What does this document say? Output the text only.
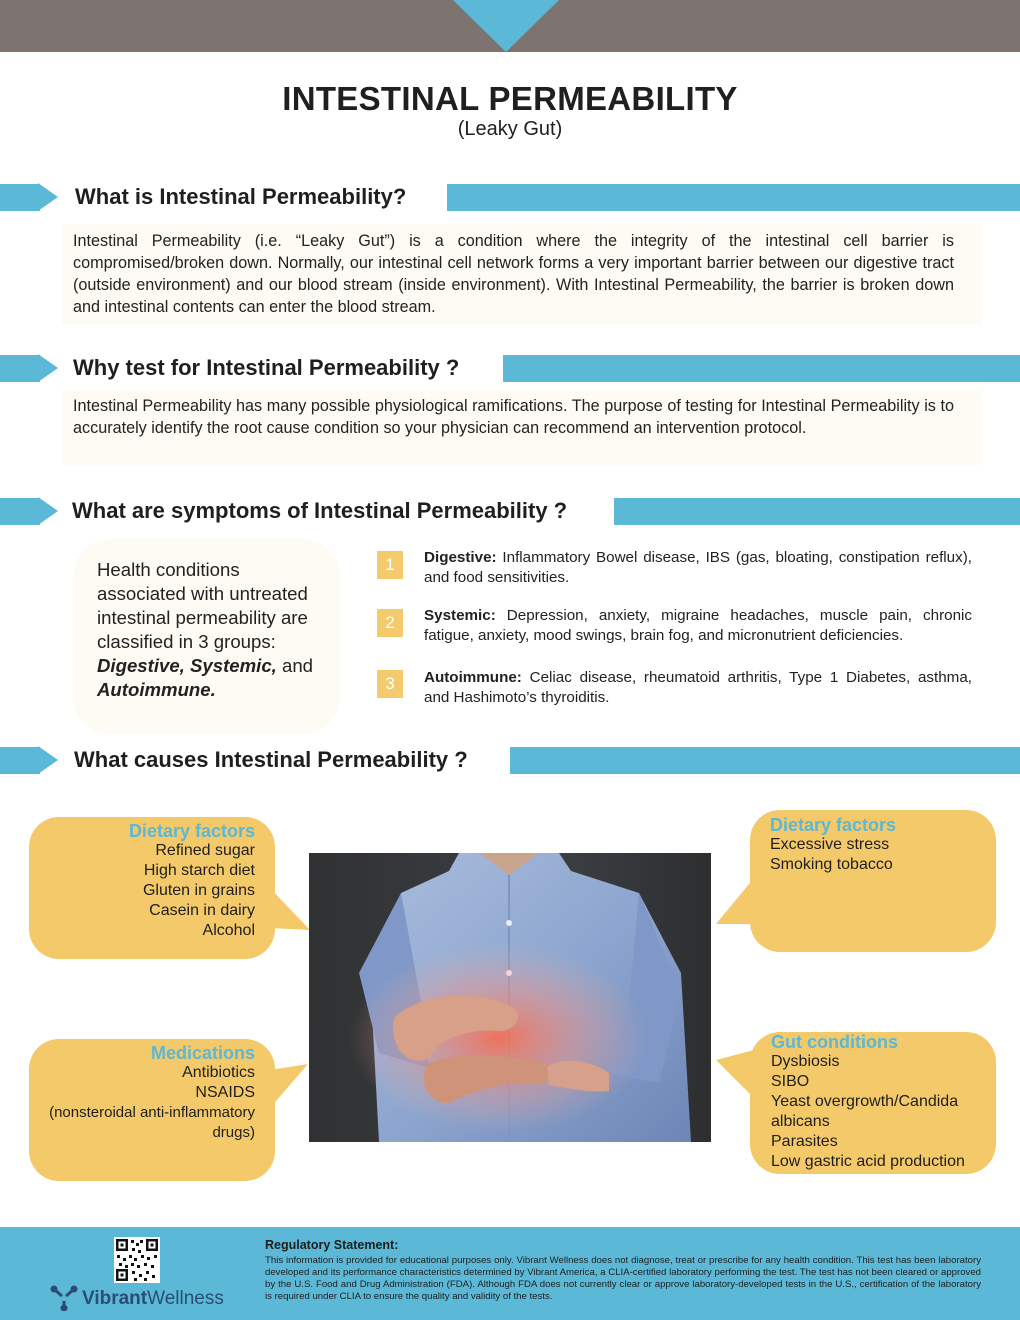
INTESTINAL PERMEABILITY
(Leaky Gut)
What is Intestinal Permeability?

Intestinal Permeability (i.e. “Leaky Gut”) is a condition where the integrity of the intestinal cell barrier is compromised/broken down. Normally, our intestinal cell network forms a very important barrier between our digestive tract (outside environment) and our blood stream (inside environment). With Intestinal Permeability, the barrier is broken down and intestinal contents can enter the blood stream.

Why test for Intestinal Permeability ?

Intestinal Permeability has many possible physiological ramifications. The purpose of testing for Intestinal Permeability is to accurately identify the root cause condition so your physician can recommend an intervention protocol.

What are symptoms of Intestinal Permeability ?
Health conditions associated with untreated intestinal permeability are classified in 3 groups: Digestive, Systemic, and
Autoimmune.
1	Digestive: Inflammatory Bowel disease, IBS (gas, bloating, constipation reflux), and food sensitivities.
2	Systemic: Depression, anxiety, migraine headaches, muscle pain, chronic fatigue, anxiety, mood swings, brain fog, and micronutrient deficiencies.
3	Autoimmune: Celiac disease, rheumatoid arthritis, Type 1 Diabetes, asthma, and Hashimoto’s thyroiditis.
What causes Intestinal Permeability ?
Dietary factors
Refined sugar
High starch diet
Gluten in grains
Casein in dairy
Alcohol
Medications
Antibiotics
NSAIDS
(nonsteroidal anti-inflammatory
drugs)
Dietary factors
Excessive stress
Smoking tobacco
Gut conditions
Dysbiosis
SIBO
Yeast overgrowth/Candida
albicans
Parasites
Low gastric acid production
VibrantWellness
Regulatory Statement:
This information is provided for educational purposes only. Vibrant Wellness does not diagnose, treat or prescribe for any health condition. This test has been laboratory developed and its performance characteristics determined by Vibrant America, a CLIA-certified laboratory performing the test. The test has not been cleared or approved by the U.S. Food and Drug Administration (FDA). Although FDA does not currently clear or approve laboratory-developed tests in the U.S., certification of the laboratory is required under CLIA to ensure the quality and validity of the tests.
